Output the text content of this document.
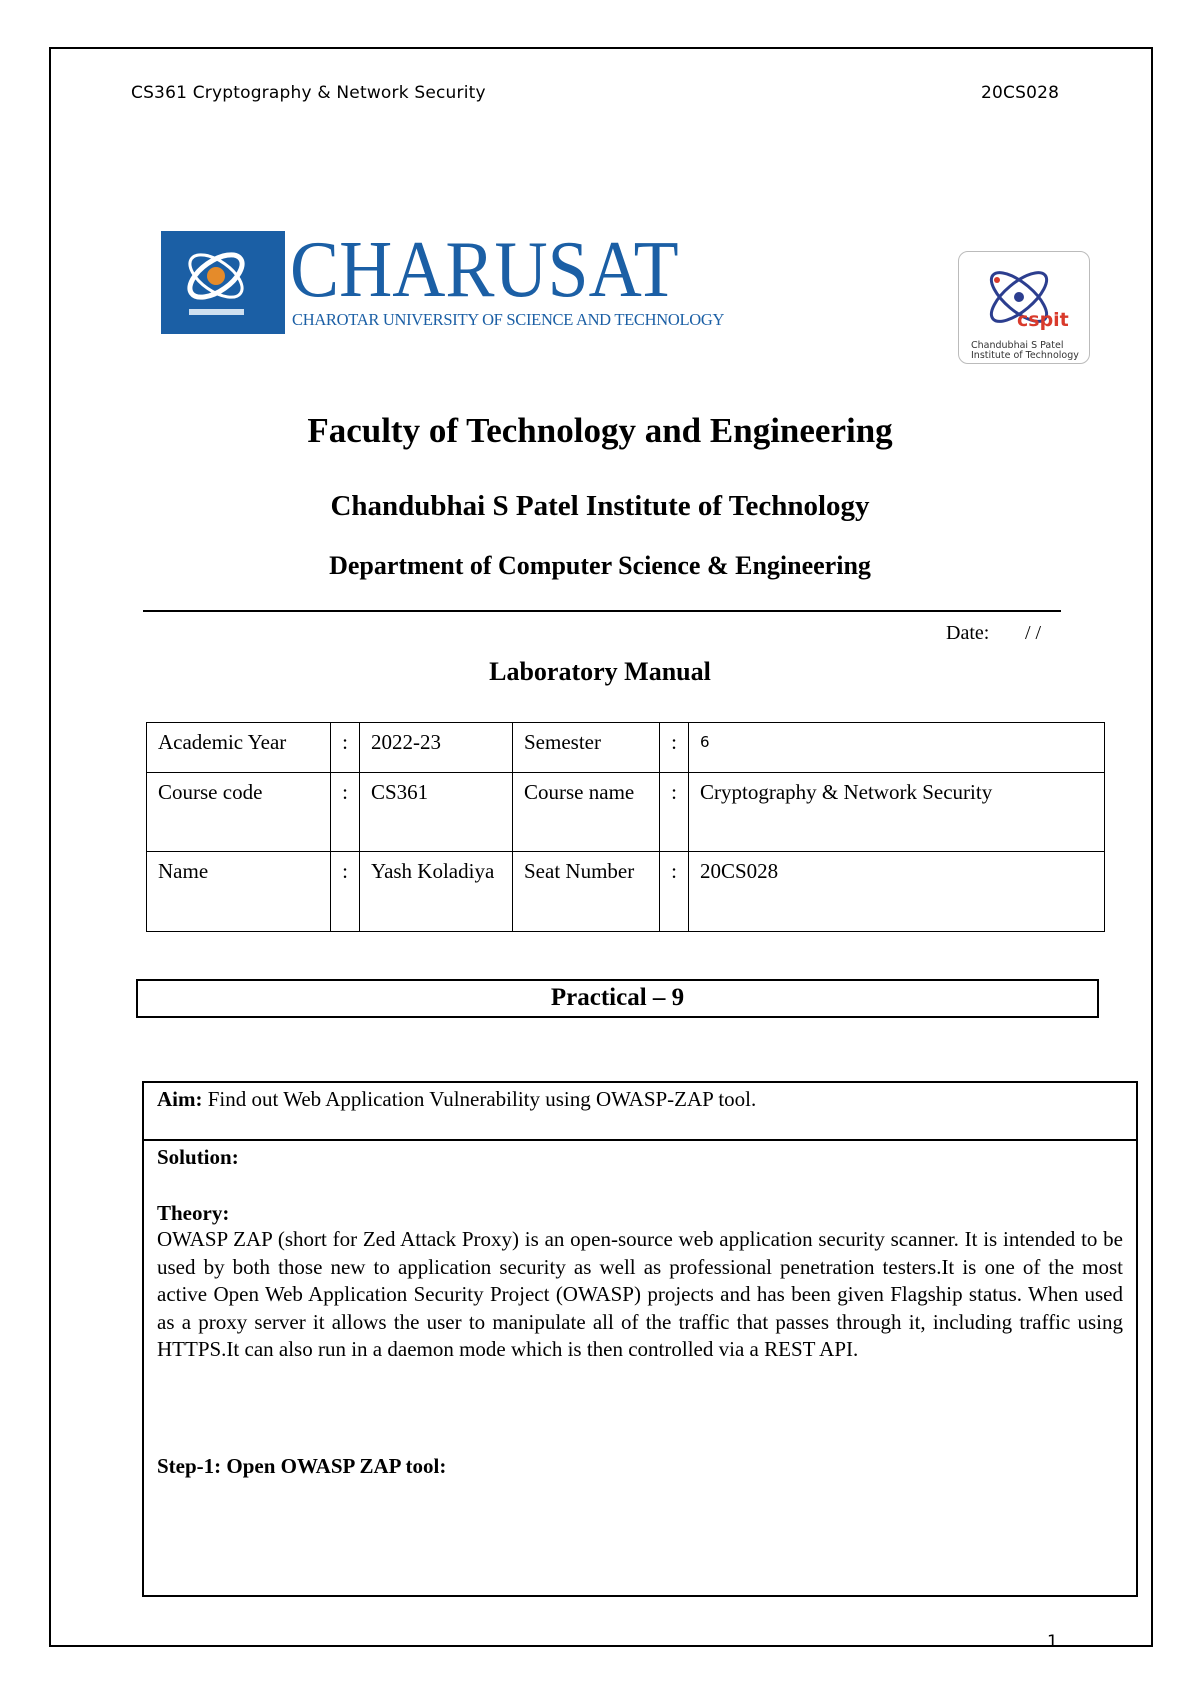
CS361 Cryptography & Network Security	20CS028
CHARUSAT
CHAROTAR UNIVERSITY OF SCIENCE AND TECHNOLOGY	cspit
Chandubhai S Patel
Institute of Technology
Faculty of Technology and Engineering
Chandubhai S Patel Institute of Technology
Department of Computer Science & Engineering
Date: / /
Laboratory Manual
Academic Year	:	2022-23	Semester	:	6
Course code	:	CS361	Course name	:	Cryptography & Network Security
Name	:	Yash Koladiya	Seat Number	:	20CS028
Practical – 9
Aim: Find out Web Application Vulnerability using OWASP-ZAP tool.

Solution:
Theory:
OWASP ZAP (short for Zed Attack Proxy) is an open-source web application security scanner. It is intended to be used by both those new to application security as well as professional penetration testers.It is one of the most active Open Web Application Security Project (OWASP) projects and has been given Flagship status. When used as a proxy server it allows the user to manipulate all of the traffic that passes through it, including traffic using HTTPS.It can also run in a daemon mode which is then controlled via a REST API.
Step-1: Open OWASP ZAP tool:
1
